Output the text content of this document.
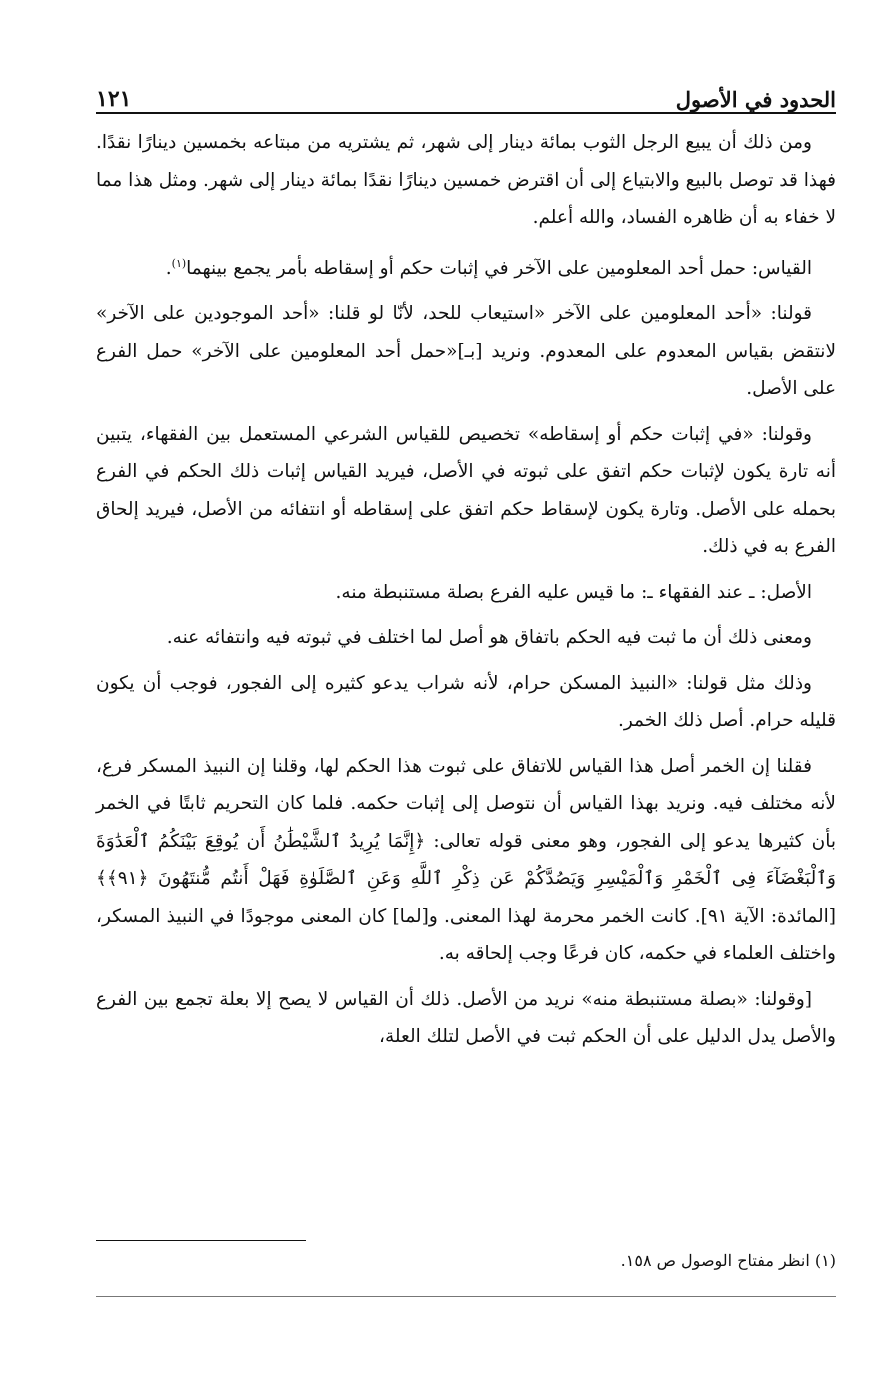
الحدود في الأصول
١٢١

ومن ذلك أن يبيع الرجل الثوب بمائة دينار إلى شهر، ثم يشتريه من مبتاعه بخمسين دينارًا نقدًا. فهذا قد توصل بالبيع والابتياع إلى أن اقترض خمسين دينارًا نقدًا بمائة دينار إلى شهر. ومثل هذا مما لا خفاء به أن ظاهره الفساد، والله أعلم.

القياس: حمل أحد المعلومين على الآخر في إثبات حكم أو إسقاطه بأمر يجمع بينهما$^{(١)}$.

قولنا: «أحد المعلومين على الآخر «استيعاب للحد، لأنّا لو قلنا: «أحد الموجودين على الآخر» لانتقض بقياس المعدوم على المعدوم. ونريد [بـ]«حمل أحد المعلومين على الآخر» حمل الفرع على الأصل.

وقولنا: «في إثبات حكم أو إسقاطه» تخصيص للقياس الشرعي المستعمل بين الفقهاء، يتبين أنه تارة يكون لإثبات حكم اتفق على ثبوته في الأصل، فيريد القياس إثبات ذلك الحكم في الفرع بحمله على الأصل. وتارة يكون لإسقاط حكم اتفق على إسقاطه أو انتفائه من الأصل، فيريد إلحاق الفرع به في ذلك.

الأصل: ـ عند الفقهاء ـ: ما قيس عليه الفرع بصلة مستنبطة منه.

ومعنى ذلك أن ما ثبت فيه الحكم باتفاق هو أصل لما اختلف في ثبوته فيه وانتفائه عنه.

وذلك مثل قولنا: «النبيذ المسكن حرام، لأنه شراب يدعو كثيره إلى الفجور، فوجب أن يكون قليله حرام. أصل ذلك الخمر.

فقلنا إن الخمر أصل هذا القياس للاتفاق على ثبوت هذا الحكم لها، وقلنا إن النبيذ المسكر فرع، لأنه مختلف فيه. ونريد بهذا القياس أن نتوصل إلى إثبات حكمه. فلما كان التحريم ثابتًا في الخمر بأن كثيرها يدعو إلى الفجور، وهو معنى قوله تعالى: ﴿إِنَّمَا يُرِيدُ ٱلشَّيْطَٰنُ أَن يُوقِعَ بَيْنَكُمُ ٱلْعَدَٰوَةَ وَٱلْبَغْضَآءَ فِى ٱلْخَمْرِ وَٱلْمَيْسِرِ وَيَصُدَّكُمْ عَن ذِكْرِ ٱللَّهِ وَعَنِ ٱلصَّلَوٰةِ فَهَلْ أَنتُم مُّنتَهُونَ ﴿٩١﴾﴾ [المائدة: الآية ٩١]. كانت الخمر محرمة لهذا المعنى. و[لما] كان المعنى موجودًا في النبيذ المسكر، واختلف العلماء في حكمه، كان فرعًا وجب إلحاقه به.

[وقولنا: «بصلة مستنبطة منه» نريد من الأصل. ذلك أن القياس لا يصح إلا بعلة تجمع بين الفرع والأصل يدل الدليل على أن الحكم ثبت في الأصل لتلك العلة،

(١) انظر مفتاح الوصول ص ١٥٨.
